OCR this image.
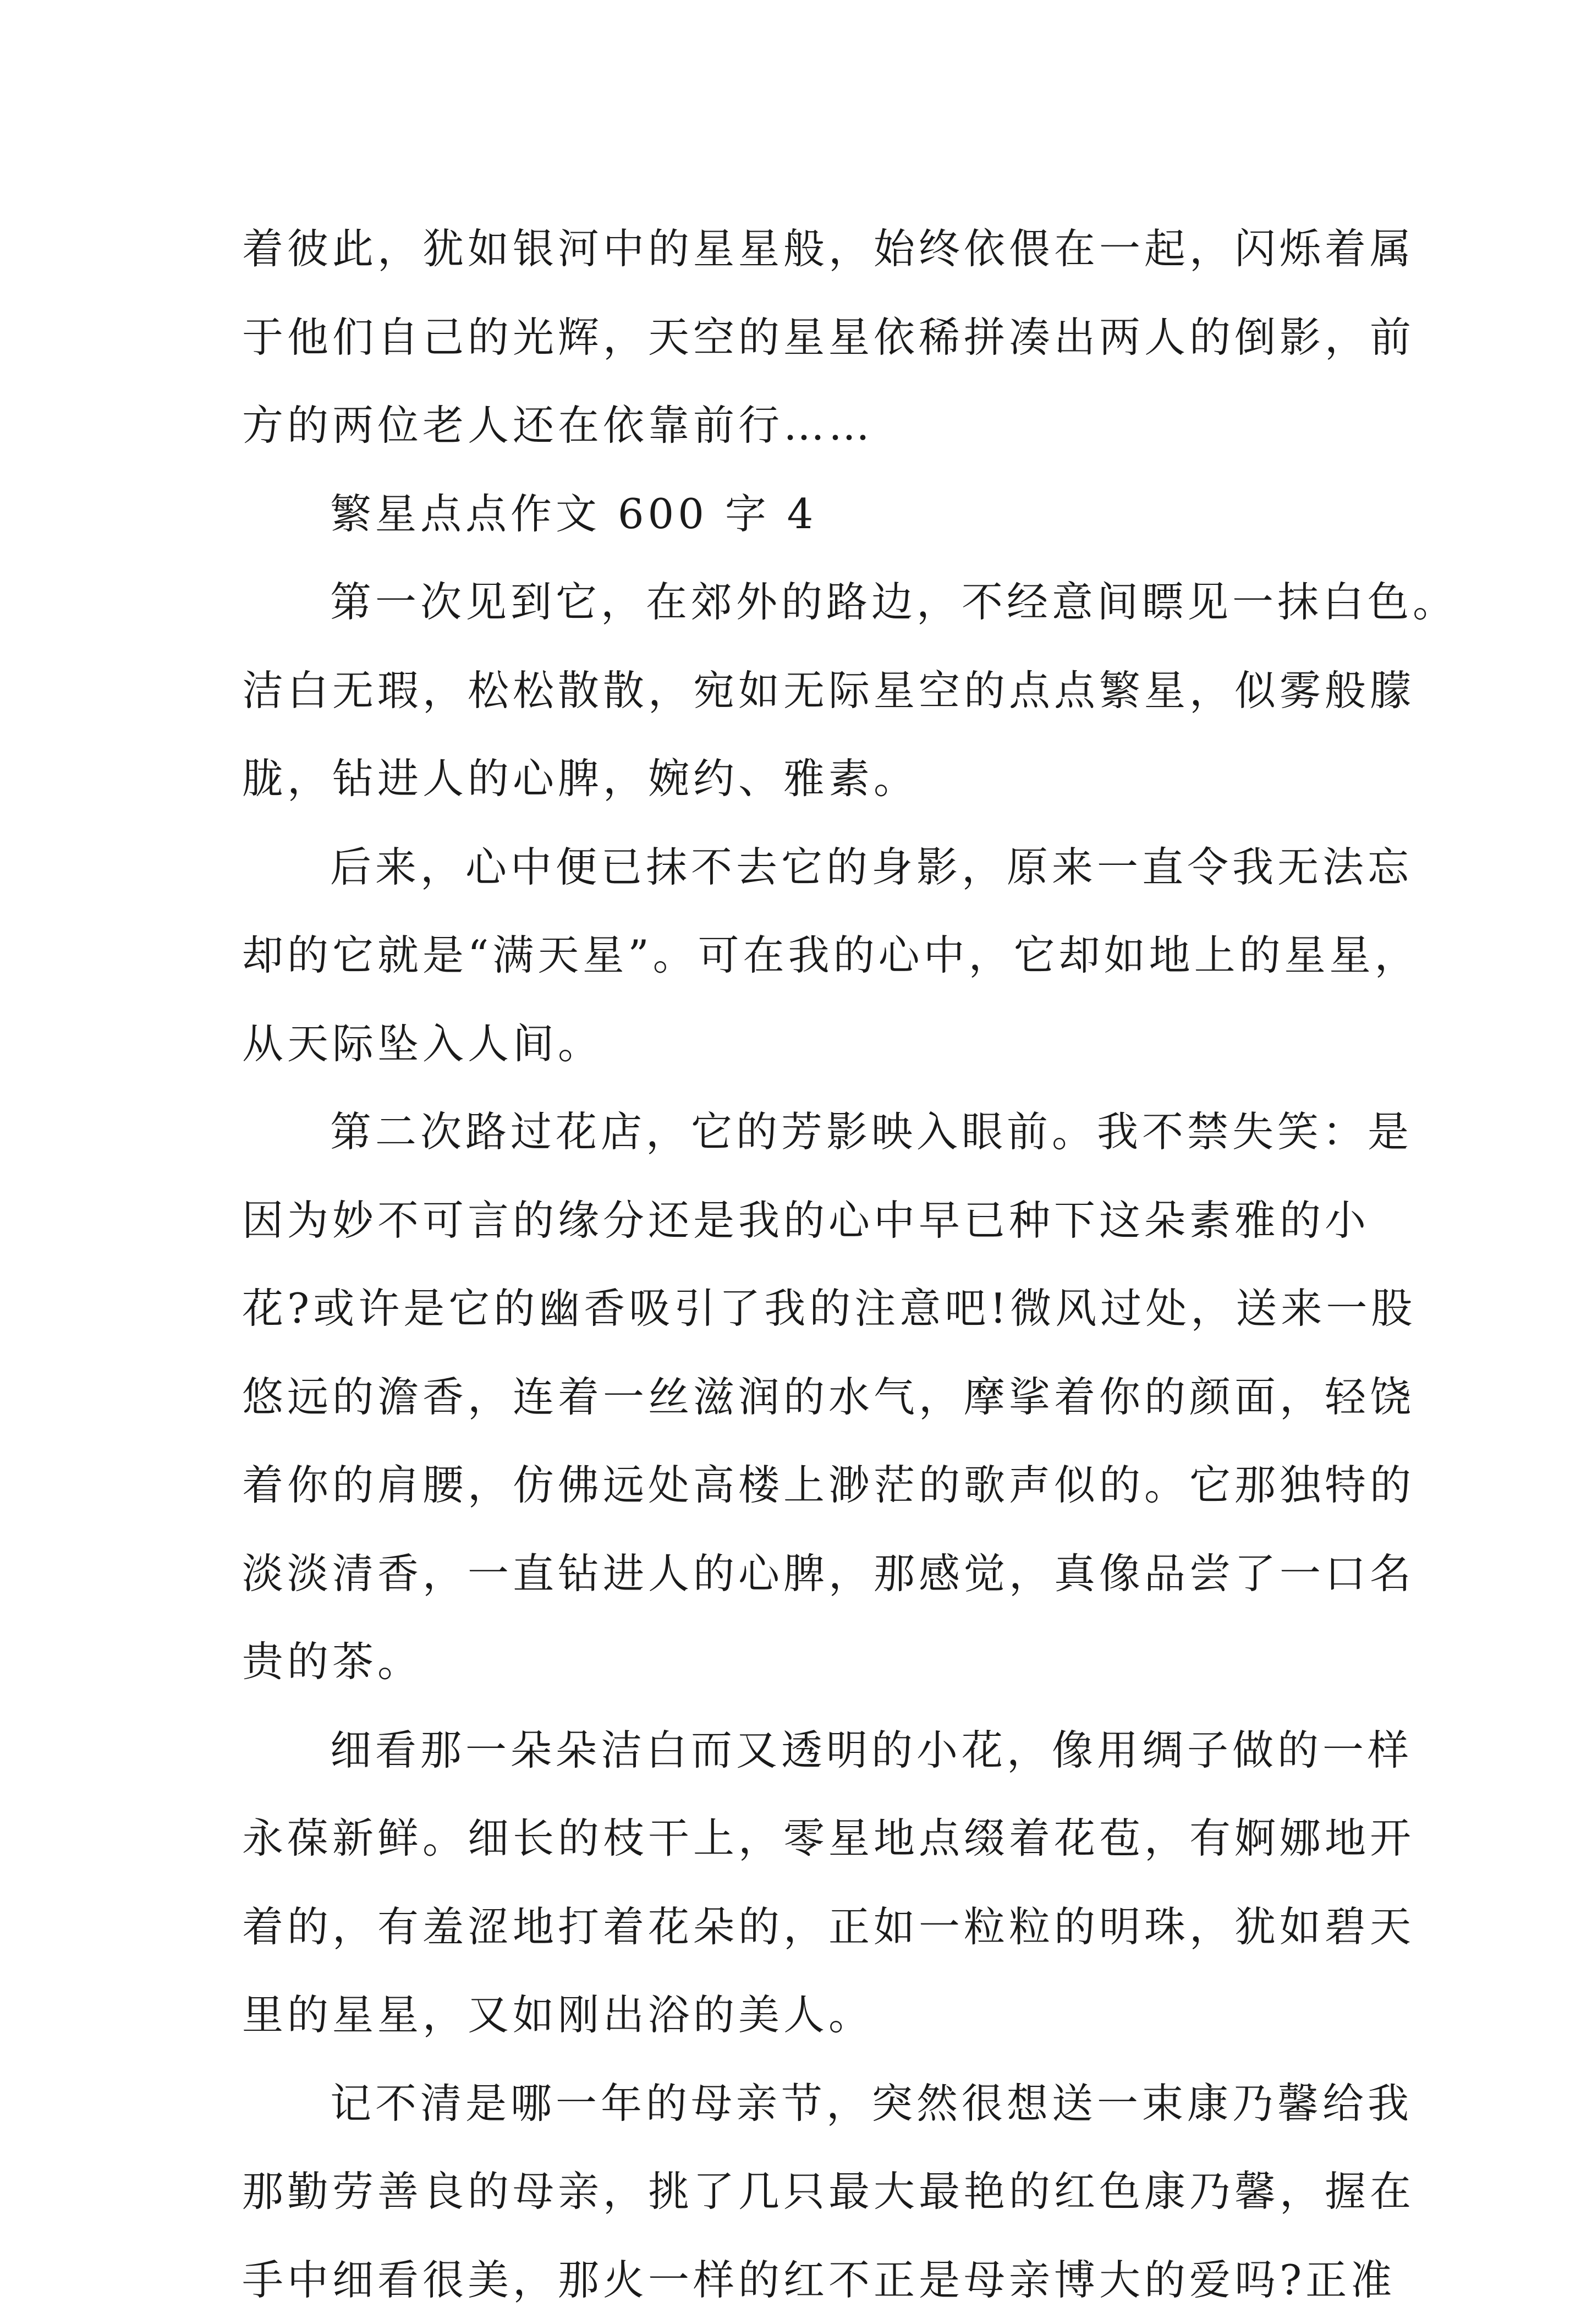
着彼此，犹如银河中的星星般，始终依偎在一起，闪烁着属
于他们自己的光辉，天空的星星依稀拼凑出两人的倒影，前
方的两位老人还在依靠前行……
繁星点点作文 600 字 4
第一次见到它，在郊外的路边，不经意间瞟见一抹白色。
洁白无瑕，松松散散，宛如无际星空的点点繁星，似雾般朦
胧，钻进人的心脾，婉约、雅素。
后来，心中便已抹不去它的身影，原来一直令我无法忘
却的它就是“满天星”。可在我的心中，它却如地上的星星，
从天际坠入人间。
第二次路过花店，它的芳影映入眼前。我不禁失笑：是
因为妙不可言的缘分还是我的心中早已种下这朵素雅的小
花?或许是它的幽香吸引了我的注意吧!微风过处，送来一股
悠远的澹香，连着一丝滋润的水气，摩挲着你的颜面，轻饶
着你的肩腰，仿佛远处高楼上渺茫的歌声似的。它那独特的
淡淡清香，一直钻进人的心脾，那感觉，真像品尝了一口名
贵的茶。
细看那一朵朵洁白而又透明的小花，像用绸子做的一样
永葆新鲜。细长的枝干上，零星地点缀着花苞，有婀娜地开
着的，有羞涩地打着花朵的，正如一粒粒的明珠，犹如碧天
里的星星，又如刚出浴的美人。
记不清是哪一年的母亲节，突然很想送一束康乃馨给我
那勤劳善良的母亲，挑了几只最大最艳的红色康乃馨，握在
手中细看很美，那火一样的红不正是母亲博大的爱吗?正准
